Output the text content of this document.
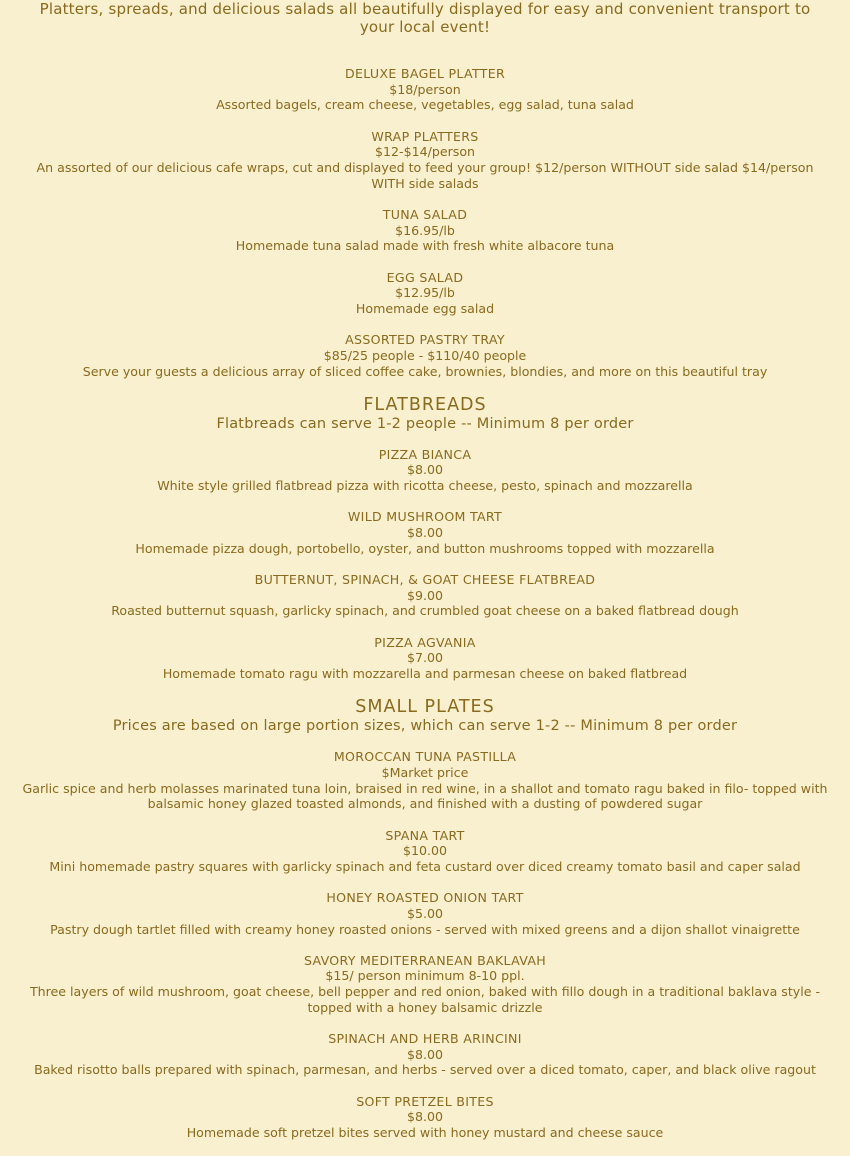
Platters, spreads, and delicious salads all beautifully displayed for easy and convenient transport to your local event!
DELUXE BAGEL PLATTER
$18/person
Assorted bagels, cream cheese, vegetables, egg salad, tuna salad
WRAP PLATTERS
$12-$14/person
An assorted of our delicious cafe wraps, cut and displayed to feed your group! $12/person WITHOUT side salad $14/person WITH side salads
TUNA SALAD
$16.95/lb
Homemade tuna salad made with fresh white albacore tuna
EGG SALAD
$12.95/lb
Homemade egg salad
ASSORTED PASTRY TRAY
$85/25 people - $110/40 people
Serve your guests a delicious array of sliced coffee cake, brownies, blondies, and more on this beautiful tray
FLATBREADS
Flatbreads can serve 1-2 people -- Minimum 8 per order
PIZZA BIANCA
$8.00
White style grilled flatbread pizza with ricotta cheese, pesto, spinach and mozzarella
WILD MUSHROOM TART
$8.00
Homemade pizza dough, portobello, oyster, and button mushrooms topped with mozzarella
BUTTERNUT, SPINACH, & GOAT CHEESE FLATBREAD
$9.00
Roasted butternut squash, garlicky spinach, and crumbled goat cheese on a baked flatbread dough
PIZZA AGVANIA
$7.00
Homemade tomato ragu with mozzarella and parmesan cheese on baked flatbread
SMALL PLATES
Prices are based on large portion sizes, which can serve 1-2 -- Minimum 8 per order
MOROCCAN TUNA PASTILLA
$Market price
Garlic spice and herb molasses marinated tuna loin, braised in red wine, in a shallot and tomato ragu baked in filo- topped with balsamic honey glazed toasted almonds, and finished with a dusting of powdered sugar
SPANA TART
$10.00
Mini homemade pastry squares with garlicky spinach and feta custard over diced creamy tomato basil and caper salad
HONEY ROASTED ONION TART
$5.00
Pastry dough tartlet filled with creamy honey roasted onions - served with mixed greens and a dijon shallot vinaigrette
SAVORY MEDITERRANEAN BAKLAVAH
$15/ person minimum 8-10 ppl.
Three layers of wild mushroom, goat cheese, bell pepper and red onion, baked with fillo dough in a traditional baklava style - topped with a honey balsamic drizzle
SPINACH AND HERB ARINCINI
$8.00
Baked risotto balls prepared with spinach, parmesan, and herbs - served over a diced tomato, caper, and black olive ragout
SOFT PRETZEL BITES
$8.00
Homemade soft pretzel bites served with honey mustard and cheese sauce
